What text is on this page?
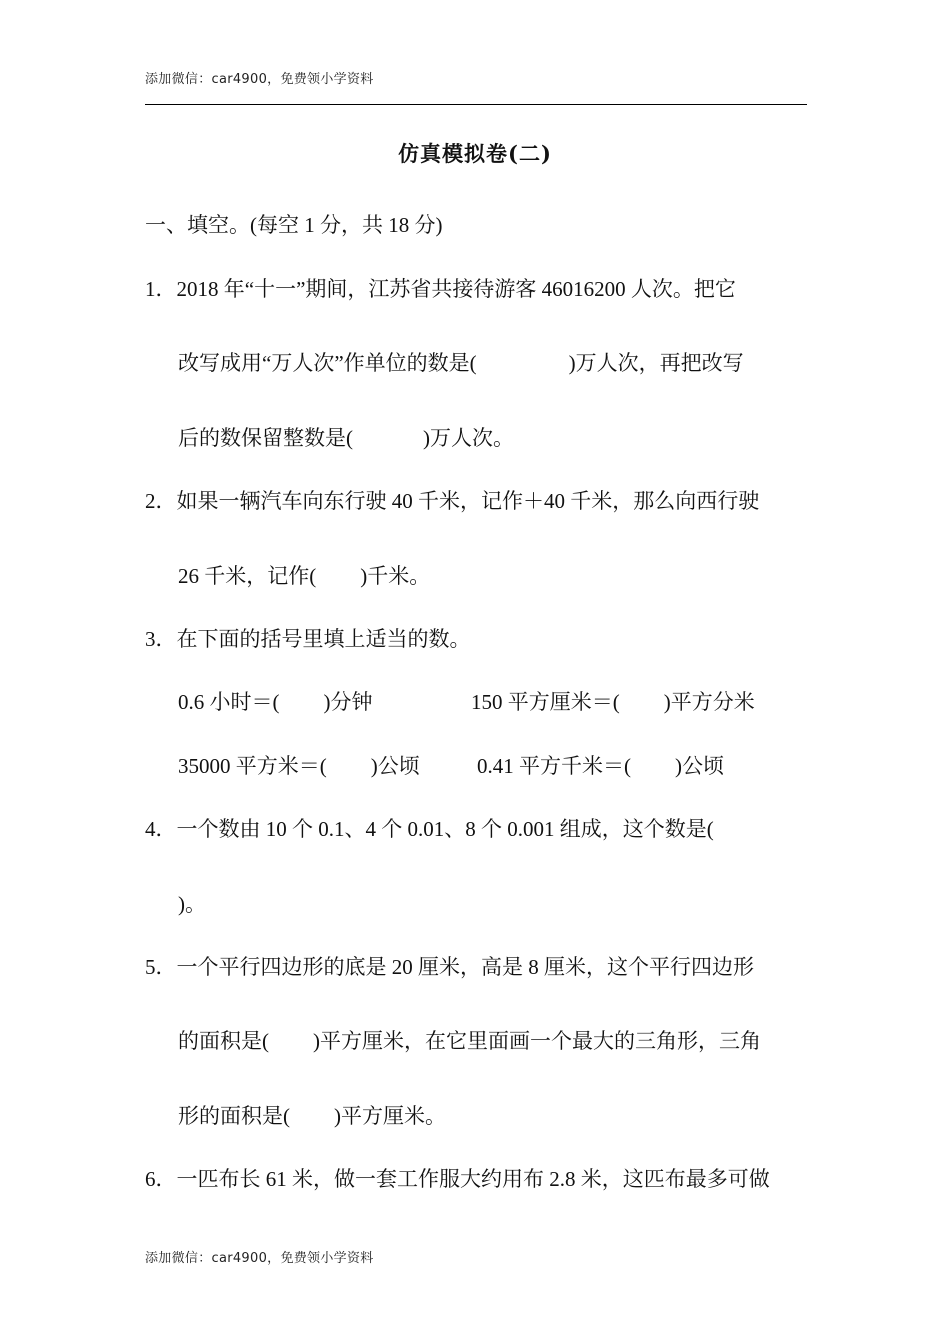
添加微信：car4900，免费领小学资料
仿真模拟卷(二)
一、填空。(每空 1 分，共 18 分)
1．2018 年“十一”期间，江苏省共接待游客 46016200 人次。把它
改写成用“万人次”作单位的数是(	)万人次，再把改写
后的数保留整数是(	)万人次。
2．如果一辆汽车向东行驶 40 千米，记作＋40 千米，那么向西行驶
26 千米，记作( )千米。
3．在下面的括号里填上适当的数。
0.6 小时＝( )分钟	150 平方厘米＝( )平方分米
35000 平方米＝( )公顷	0.41 平方千米＝( )公顷
4．一个数由 10 个 0.1、4 个 0.01、8 个 0.001 组成，这个数是(
)。
5．一个平行四边形的底是 20 厘米，高是 8 厘米，这个平行四边形
的面积是( )平方厘米，在它里面画一个最大的三角形，三角
形的面积是( )平方厘米。
6．一匹布长 61 米，做一套工作服大约用布 2.8 米，这匹布最多可做
添加微信：car4900，免费领小学资料
